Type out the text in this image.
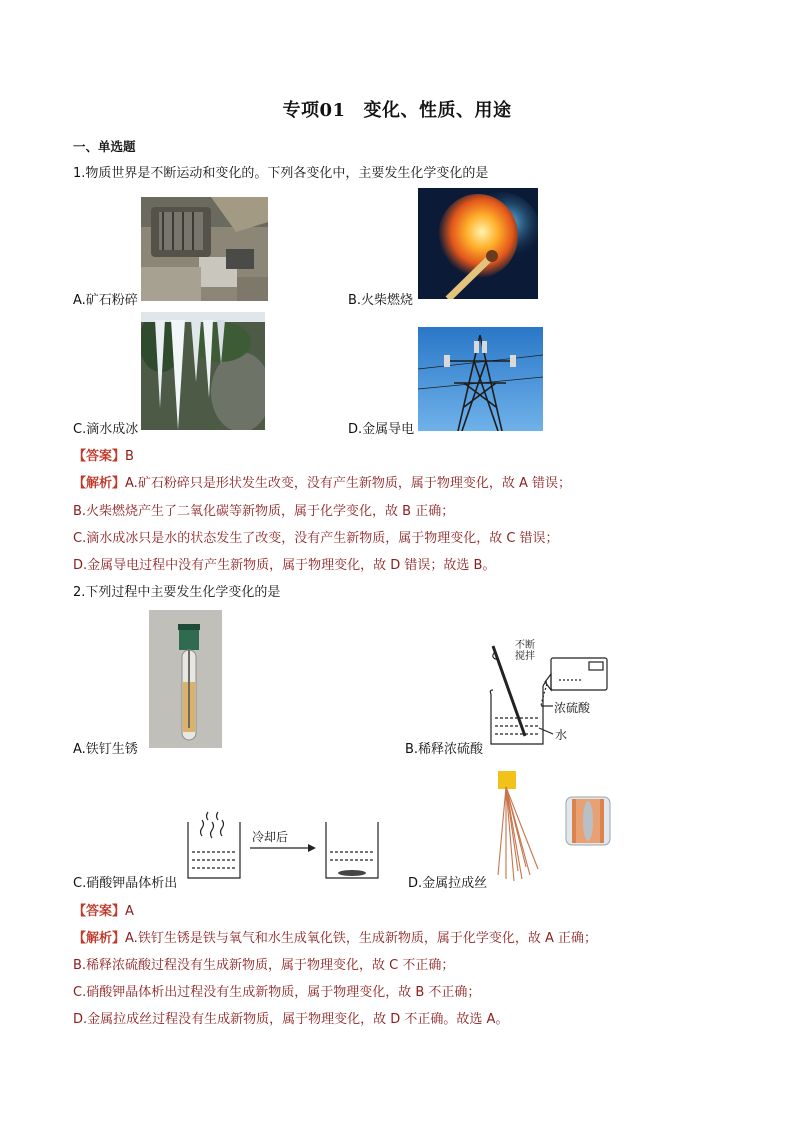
专项01 变化、性质、用途
一、单选题
1.物质世界是不断运动和变化的。下列各变化中，主要发生化学变化的是
A.矿石粉碎	B.火柴燃烧
C.滴水成冰	D.金属导电
【答案】B
【解析】A.矿石粉碎只是形状发生改变，没有产生新物质，属于物理变化，故 A 错误；
B.火柴燃烧产生了二氧化碳等新物质，属于化学变化，故 B 正确；
C.滴水成冰只是水的状态发生了改变，没有产生新物质，属于物理变化，故 C 错误；
D.金属导电过程中没有产生新物质，属于物理变化，故 D 错误；故选 B。
2.下列过程中主要发生化学变化的是
A.铁钉生锈
不断
搅拌
浓硫酸
水
B.稀释浓硫酸
冷却后
C.硝酸钾晶体析出	D.金属拉成丝
【答案】A
【解析】A.铁钉生锈是铁与氧气和水生成氧化铁，生成新物质，属于化学变化，故 A 正确；
B.稀释浓硫酸过程没有生成新物质，属于物理变化，故 C 不正确；
C.硝酸钾晶体析出过程没有生成新物质，属于物理变化，故 B 不正确；
D.金属拉成丝过程没有生成新物质，属于物理变化，故 D 不正确。故选 A。
